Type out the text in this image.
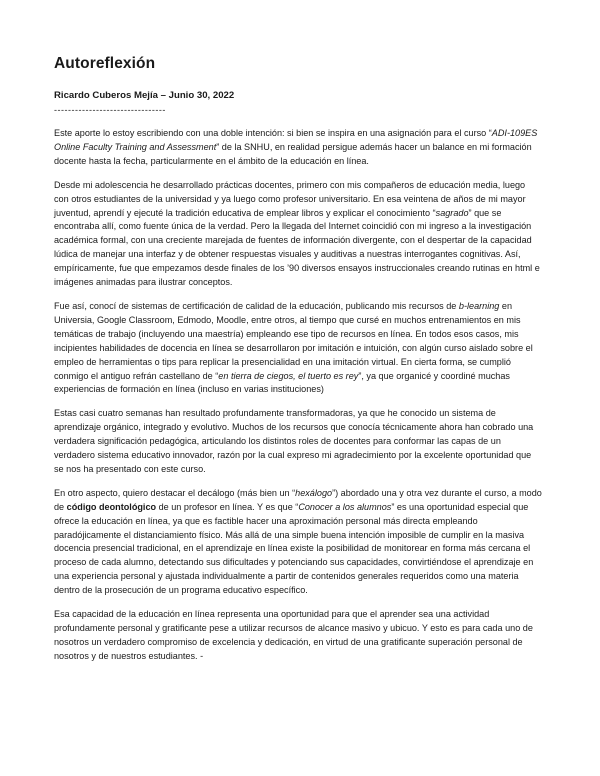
Autoreflexión
Ricardo Cuberos Mejía – Junio 30, 2022
--------------------------------

Este aporte lo estoy escribiendo con una doble intención: si bien se inspira en una asignación para el curso “ADI-109ES Online Faculty Training and Assessment” de la SNHU, en realidad persigue además hacer un balance en mi formación docente hasta la fecha, particularmente en el ámbito de la educación en línea.

Desde mi adolescencia he desarrollado prácticas docentes, primero con mis compañeros de educación media, luego con otros estudiantes de la universidad y ya luego como profesor universitario. En esa veintena de años de mi mayor juventud, aprendí y ejecuté la tradición educativa de emplear libros y explicar el conocimiento “sagrado” que se encontraba allí, como fuente única de la verdad. Pero la llegada del Internet coincidió con mi ingreso a la investigación académica formal, con una creciente marejada de fuentes de información divergente, con el despertar de la capacidad lúdica de manejar una interfaz y de obtener respuestas visuales y auditivas a nuestras interrogantes cognitivas. Así, empíricamente, fue que empezamos desde finales de los ’90 diversos ensayos instruccionales creando rutinas en html e imágenes animadas para ilustrar conceptos.

Fue así, conocí de sistemas de certificación de calidad de la educación, publicando mis recursos de b-learning en Universia, Google Classroom, Edmodo, Moodle, entre otros, al tiempo que cursé en muchos entrenamientos en mis temáticas de trabajo (incluyendo una maestría) empleando ese tipo de recursos en línea. En todos esos casos, mis incipientes habilidades de docencia en línea se desarrollaron por imitación e intuición, con algún curso aislado sobre el empleo de herramientas o tips para replicar la presencialidad en una imitación virtual. En cierta forma, se cumplió conmigo el antiguo refrán castellano de “en tierra de ciegos, el tuerto es rey”, ya que organicé y coordiné muchas experiencias de formación en línea (incluso en varias instituciones)

Estas casi cuatro semanas han resultado profundamente transformadoras, ya que he conocido un sistema de aprendizaje orgánico, integrado y evolutivo. Muchos de los recursos que conocía técnicamente ahora han cobrado una verdadera significación pedagógica, articulando los distintos roles de docentes para conformar las capas de un verdadero sistema educativo innovador, razón por la cual expreso mi agradecimiento por la excelente oportunidad que se nos ha presentado con este curso.

En otro aspecto, quiero destacar el decálogo (más bien un “hexálogo”) abordado una y otra vez durante el curso, a modo de código deontológico de un profesor en línea. Y es que “Conocer a los alumnos” es una oportunidad especial que ofrece la educación en línea, ya que es factible hacer una aproximación personal más directa empleando paradójicamente el distanciamiento físico. Más allá de una simple buena intención imposible de cumplir en la masiva docencia presencial tradicional, en el aprendizaje en línea existe la posibilidad de monitorear en forma más cercana el proceso de cada alumno, detectando sus dificultades y potenciando sus capacidades, convirtiéndose el aprendizaje en una experiencia personal y ajustada individualmente a partir de contenidos generales requeridos como una materia dentro de la prosecución de un programa educativo específico.

Esa capacidad de la educación en línea representa una oportunidad para que el aprender sea una actividad profundamente personal y gratificante pese a utilizar recursos de alcance masivo y ubicuo. Y esto es para cada uno de nosotros un verdadero compromiso de excelencia y dedicación, en virtud de una gratificante superación personal de nosotros y de nuestros estudiantes. -
